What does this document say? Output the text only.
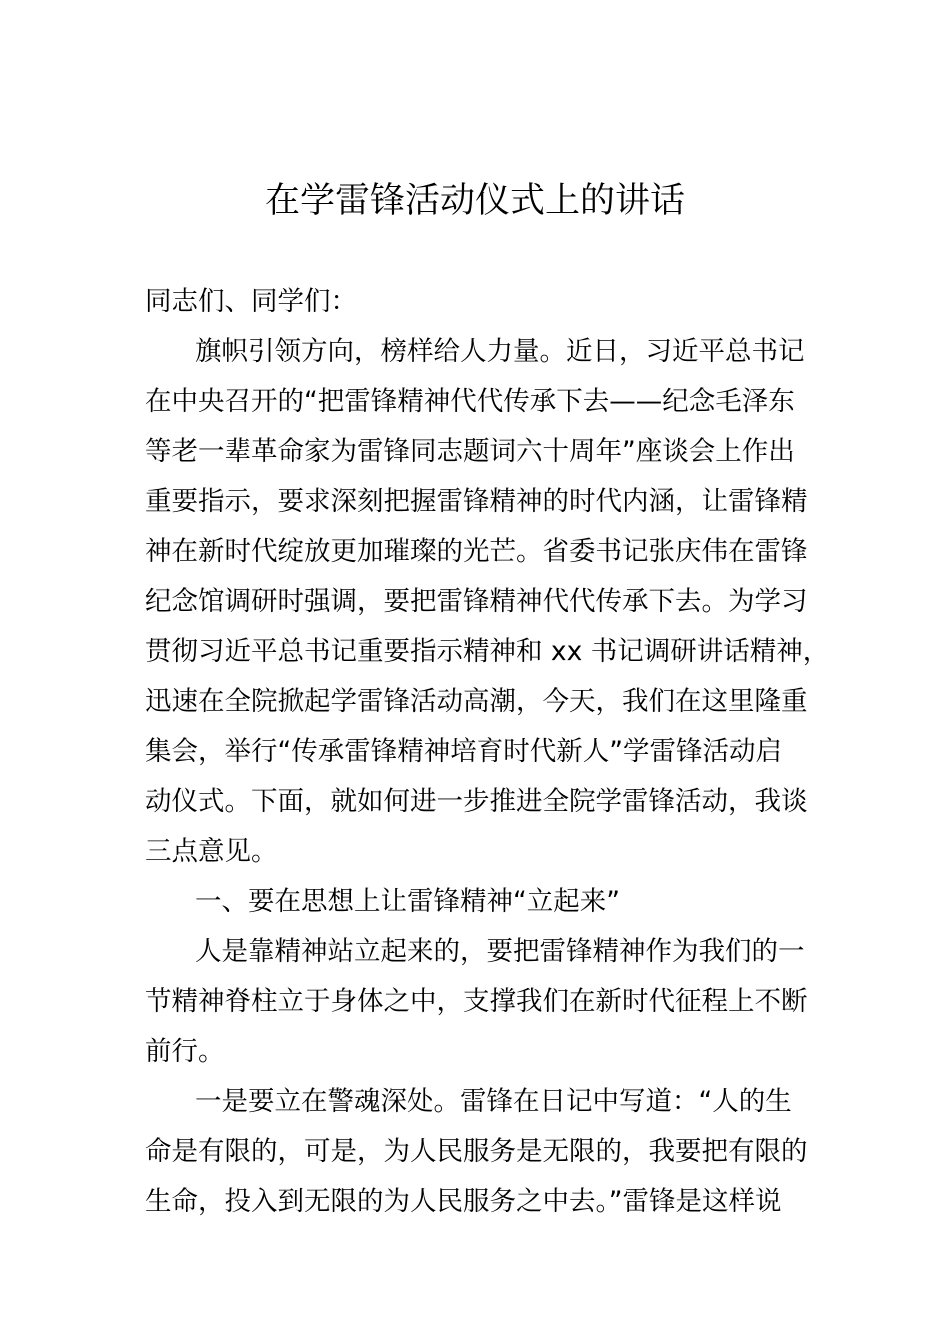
在学雷锋活动仪式上的讲话
同志们、同学们：
旗帜引领方向，榜样给人力量。近日，习近平总书记
在中央召开的“把雷锋精神代代传承下去——纪念毛泽东
等老一辈革命家为雷锋同志题词六十周年”座谈会上作出
重要指示，要求深刻把握雷锋精神的时代内涵，让雷锋精
神在新时代绽放更加璀璨的光芒。省委书记张庆伟在雷锋
纪念馆调研时强调，要把雷锋精神代代传承下去。为学习
贯彻习近平总书记重要指示精神和 xx 书记调研讲话精神，
迅速在全院掀起学雷锋活动高潮，今天，我们在这里隆重
集会，举行“传承雷锋精神培育时代新人”学雷锋活动启
动仪式。下面，就如何进一步推进全院学雷锋活动，我谈
三点意见。
一、要在思想上让雷锋精神“立起来”
人是靠精神站立起来的，要把雷锋精神作为我们的一
节精神脊柱立于身体之中，支撑我们在新时代征程上不断
前行。
一是要立在警魂深处。雷锋在日记中写道：“人的生
命是有限的，可是，为人民服务是无限的，我要把有限的
生命，投入到无限的为人民服务之中去。”雷锋是这样说
